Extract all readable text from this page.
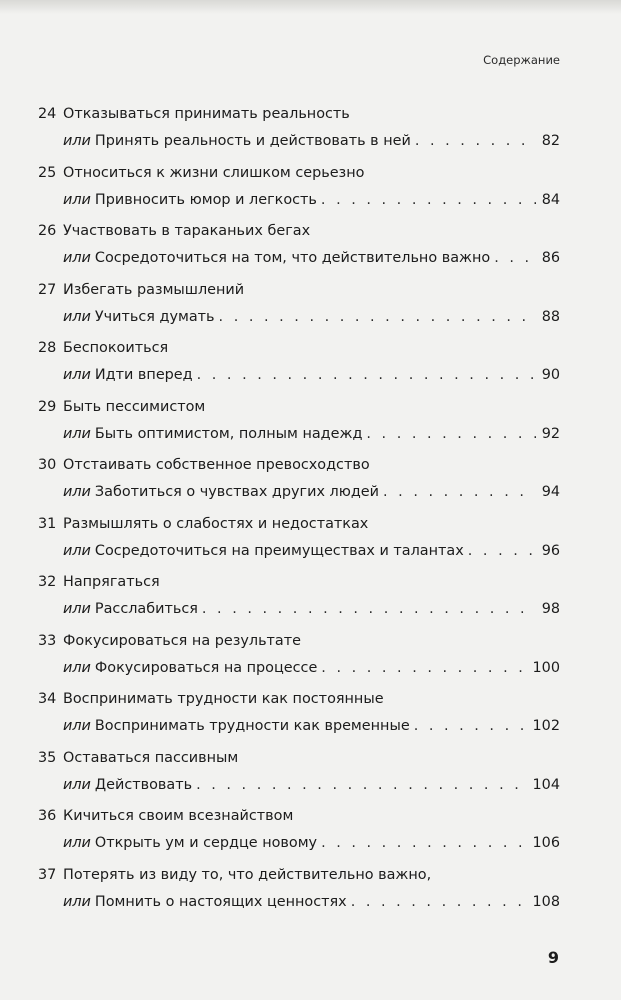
Содержание
24 Отказываться принимать реальность
или Принять реальность и действовать в ней . . .	82
25 Относиться к жизни слишком серьезно
или Привносить юмор и легкость . . .	84
26 Участвовать в тараканьих бегах
или Сосредоточиться на том, что действительно важно . . .	86
27 Избегать размышлений
или Учиться думать . . .	88
28 Беспокоиться
или Идти вперед . . .	90
29 Быть пессимистом
или Быть оптимистом, полным надежд . . .	92
30 Отстаивать собственное превосходство
или Заботиться о чувствах других людей . . .	94
31 Размышлять о слабостях и недостатках
или Сосредоточиться на преимуществах и талантах . . .	96
32 Напрягаться
или Расслабиться . . .	98
33 Фокусироваться на результате
или Фокусироваться на процессе . . .	100
34 Воспринимать трудности как постоянные
или Воспринимать трудности как временные . . .	102
35 Оставаться пассивным
или Действовать . . .	104
36 Кичиться своим всезнайством
или Открыть ум и сердце новому . . .	106
37 Потерять из виду то, что действительно важно,
или Помнить о настоящих ценностях . . .	108
9
